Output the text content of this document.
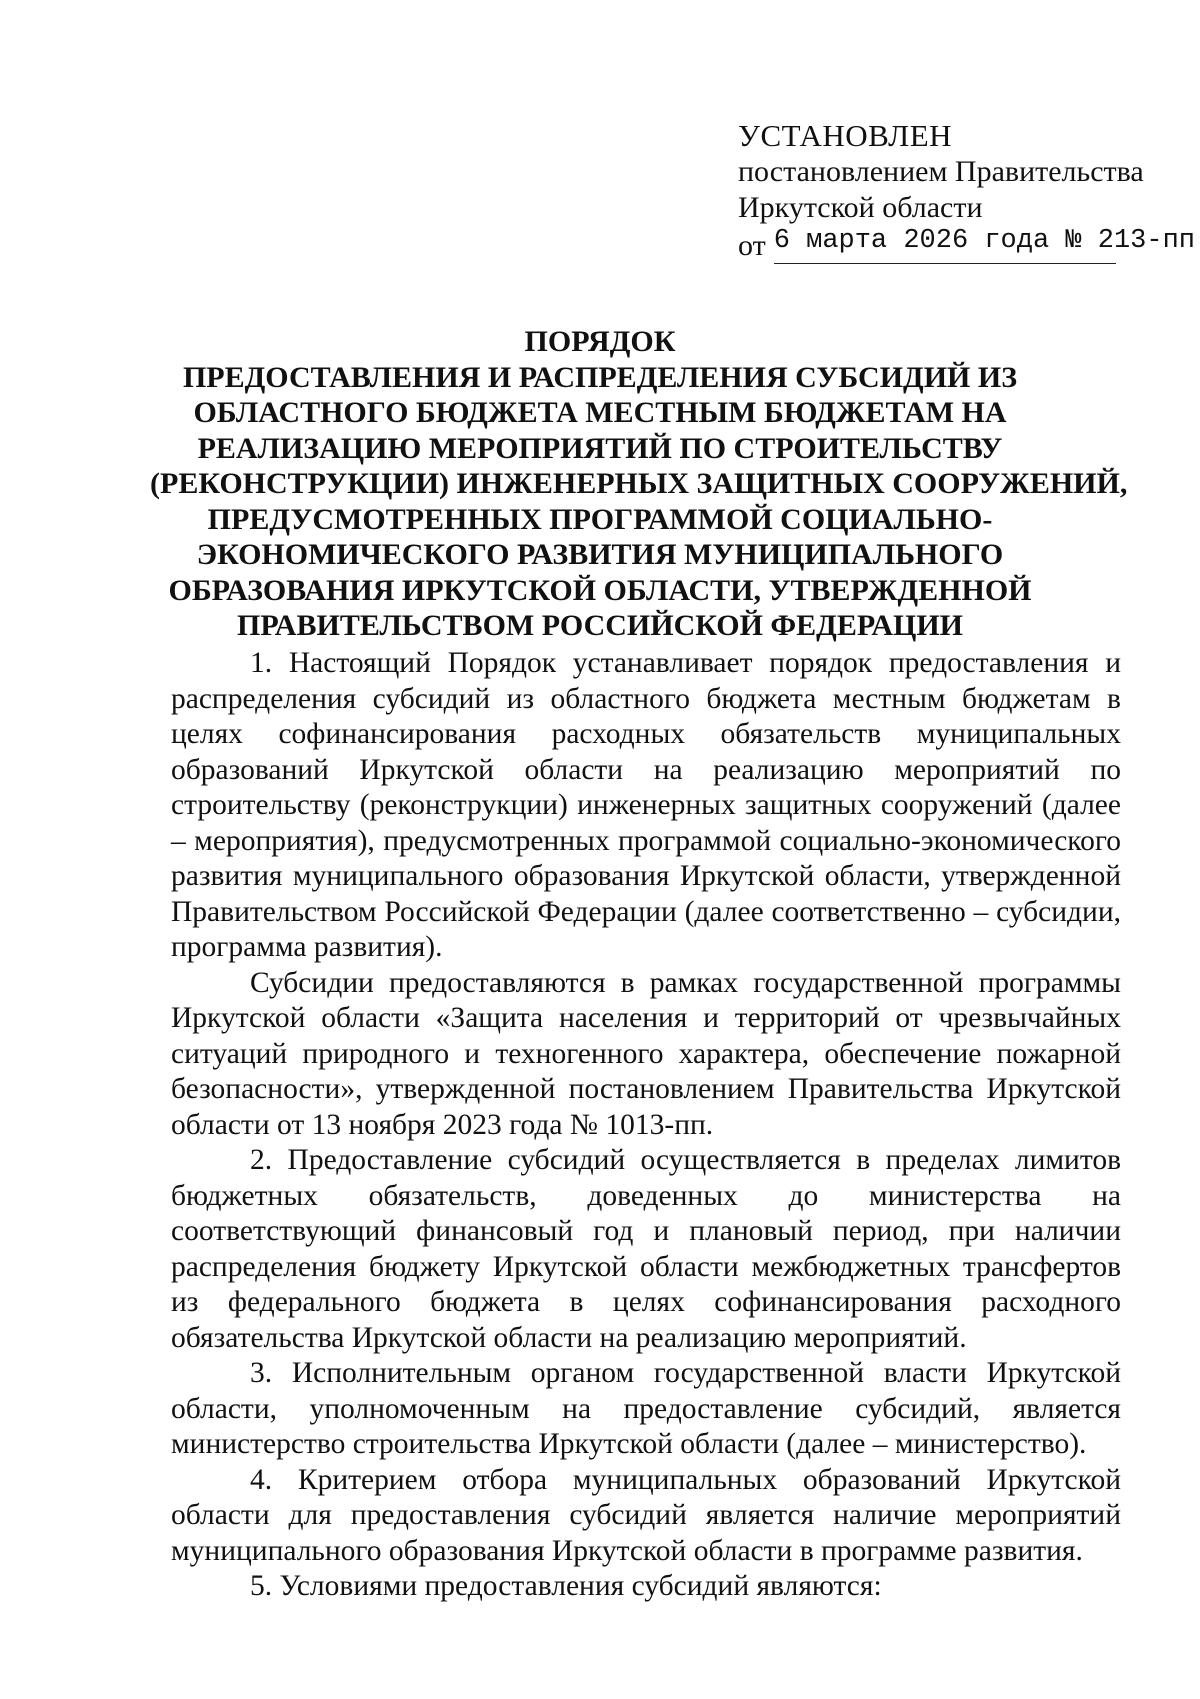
УСТАНОВЛЕН
постановлением Правительства
Иркутской области
от 6 марта 2026 года № 213-пп
ПОРЯДОК
ПРЕДОСТАВЛЕНИЯ И РАСПРЕДЕЛЕНИЯ СУБСИДИЙ ИЗ
ОБЛАСТНОГО БЮДЖЕТА МЕСТНЫМ БЮДЖЕТАМ НА
РЕАЛИЗАЦИЮ МЕРОПРИЯТИЙ ПО СТРОИТЕЛЬСТВУ
(РЕКОНСТРУКЦИИ) ИНЖЕНЕРНЫХ ЗАЩИТНЫХ СООРУЖЕНИЙ,
ПРЕДУСМОТРЕННЫХ ПРОГРАММОЙ СОЦИАЛЬНО-
ЭКОНОМИЧЕСКОГО РАЗВИТИЯ МУНИЦИПАЛЬНОГО
ОБРАЗОВАНИЯ ИРКУТСКОЙ ОБЛАСТИ, УТВЕРЖДЕННОЙ
ПРАВИТЕЛЬСТВОМ РОССИЙСКОЙ ФЕДЕРАЦИИ

1. Настоящий Порядок устанавливает порядок предоставления и распределения субсидий из областного бюджета местным бюджетам в целях софинансирования расходных обязательств муниципальных образований Иркутской области на реализацию мероприятий по строительству (реконструкции) инженерных защитных сооружений (далее – мероприятия), предусмотренных программой социально-экономического развития муниципального образования Иркутской области, утвержденной Правительством Российской Федерации (далее соответственно – субсидии, программа развития).

Субсидии предоставляются в рамках государственной программы Иркутской области «Защита населения и территорий от чрезвычайных ситуаций природного и техногенного характера, обеспечение пожарной безопасности», утвержденной постановлением Правительства Иркутской области от 13 ноября 2023 года № 1013-пп.

2. Предоставление субсидий осуществляется в пределах лимитов бюджетных обязательств, доведенных до министерства на соответствующий финансовый год и плановый период, при наличии распределения бюджету Иркутской области межбюджетных трансфертов из федерального бюджета в целях софинансирования расходного обязательства Иркутской области на реализацию мероприятий.

3. Исполнительным органом государственной власти Иркутской области, уполномоченным на предоставление субсидий, является министерство строительства Иркутской области (далее – министерство).

4. Критерием отбора муниципальных образований Иркутской области для предоставления субсидий является наличие мероприятий муниципального образования Иркутской области в программе развития.

5. Условиями предоставления субсидий являются:
